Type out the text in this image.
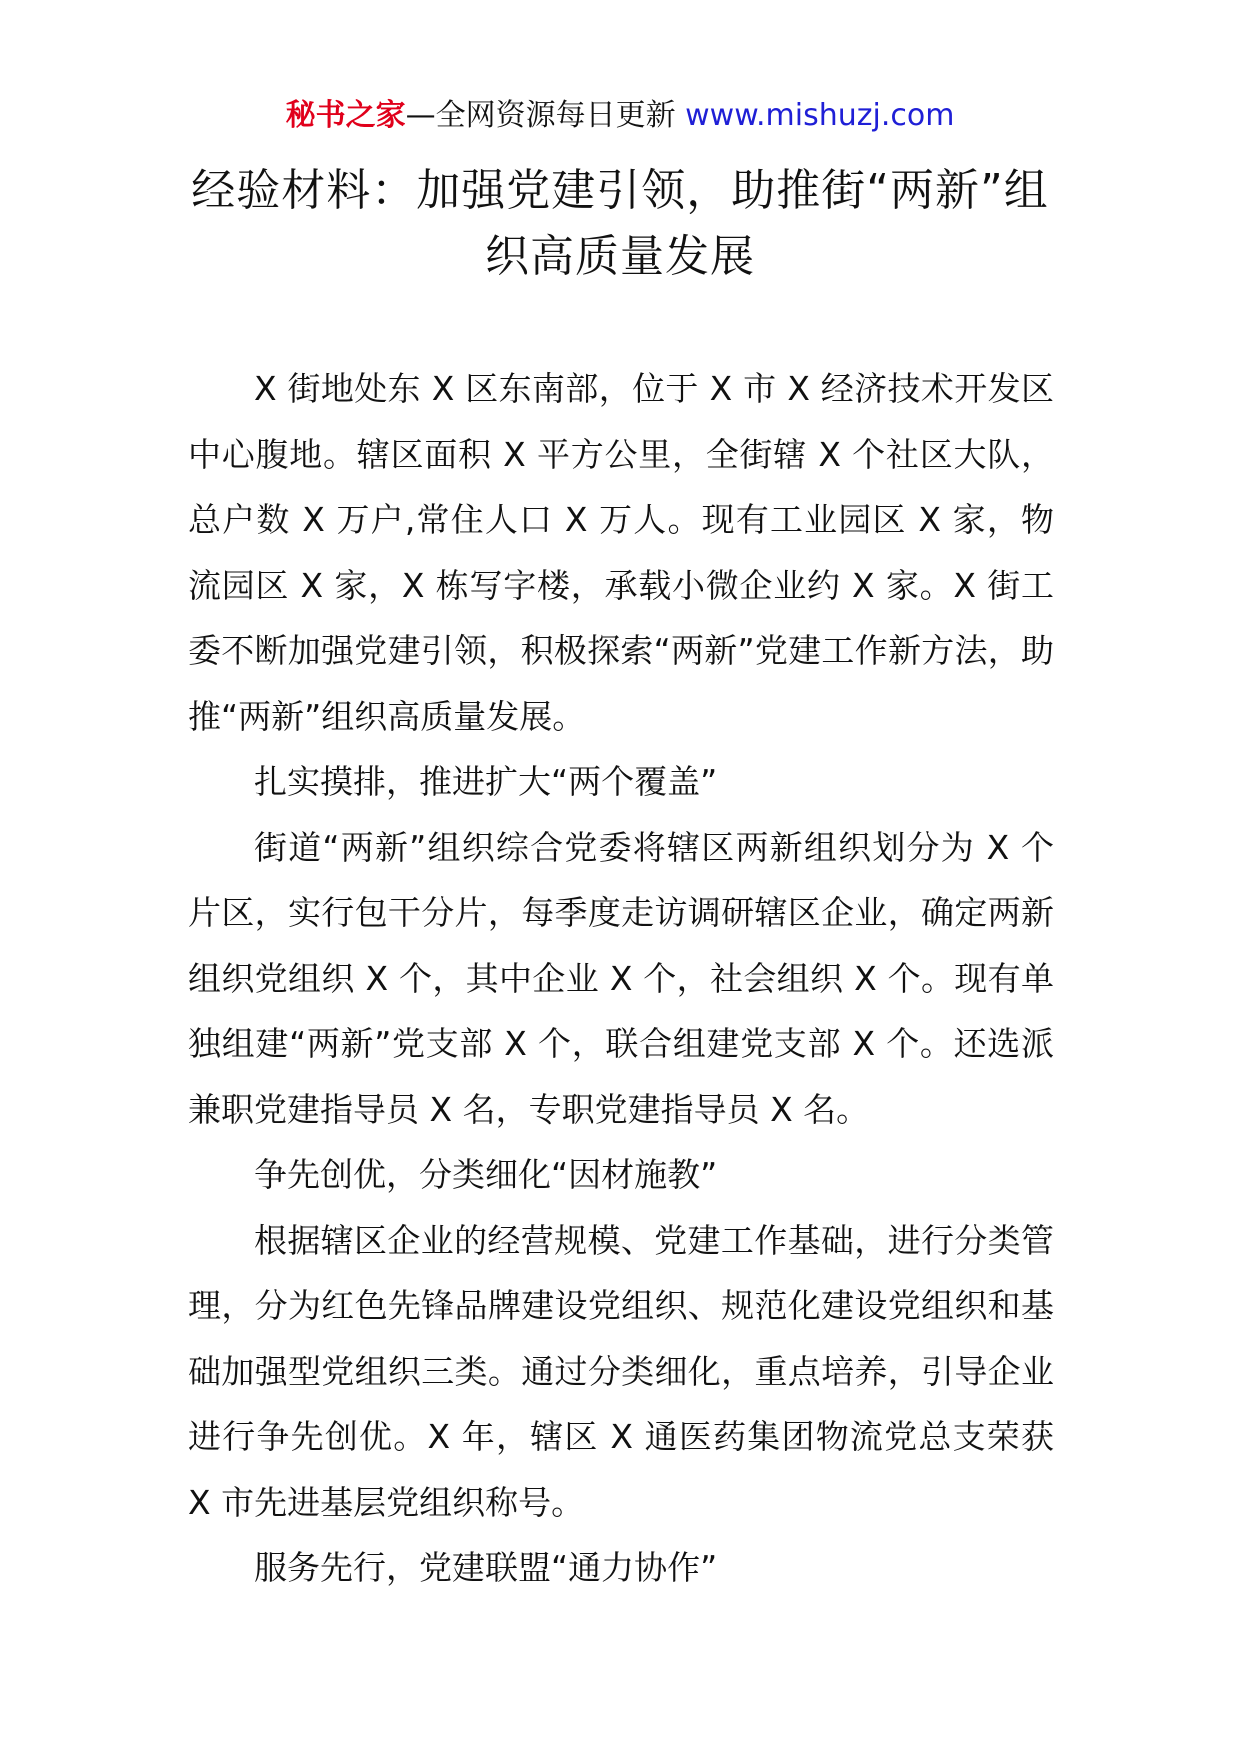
秘书之家—全网资源每日更新 www.mishuzj.com
经验材料：加强党建引领，助推街“两新”组织高质量发展

X 街地处东 X 区东南部，位于 X 市 X 经济技术开发区中心腹地。辖区面积 X 平方公里，全街辖 X 个社区大队，总户数 X 万户,常住人口 X 万人。现有工业园区 X 家，物流园区 X 家，X 栋写字楼，承载小微企业约 X 家。X 街工委不断加强党建引领，积极探索“两新”党建工作新方法，助推“两新”组织高质量发展。

扎实摸排，推进扩大“两个覆盖”

街道“两新”组织综合党委将辖区两新组织划分为 X 个片区，实行包干分片，每季度走访调研辖区企业，确定两新组织党组织 X 个，其中企业 X 个，社会组织 X 个。现有单独组建“两新”党支部 X 个，联合组建党支部 X 个。还选派兼职党建指导员 X 名，专职党建指导员 X 名。

争先创优，分类细化“因材施教”

根据辖区企业的经营规模、党建工作基础，进行分类管理，分为红色先锋品牌建设党组织、规范化建设党组织和基础加强型党组织三类。通过分类细化，重点培养，引导企业进行争先创优。X 年，辖区 X 通医药集团物流党总支荣获 X 市先进基层党组织称号。

服务先行，党建联盟“通力协作”
